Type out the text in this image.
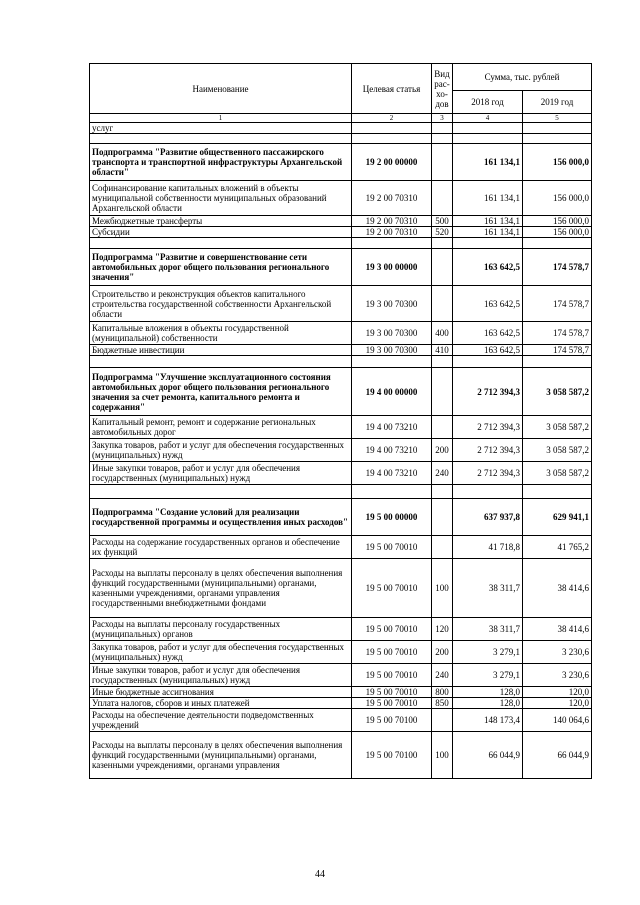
Наименование	Целевая статья	Вид рас-хо-дов	Сумма, тыс. рублей	
			2018 год	2019 год
1	2	3	4	5
услуг				

Подпрограмма "Развитие общественного пассажирского транспорта и транспортной инфраструктуры Архангельской области"	19 2 00 00000		161 134,1	156 000,0
Софинансирование капитальных вложений в объекты муниципальной собственности муниципальных образований Архангельской области	19 2 00 70310		161 134,1	156 000,0
Межбюджетные трансферты	19 2 00 70310	500	161 134,1	156 000,0
Субсидии	19 2 00 70310	520	161 134,1	156 000,0

Подпрограмма "Развитие и совершенствование сети автомобильных дорог общего пользования регионального значения"	19 3 00 00000		163 642,5	174 578,7
Строительство и реконструкция объектов капитального строительства государственной собственности Архангельской области	19 3 00 70300		163 642,5	174 578,7
Капитальные вложения в объекты государственной (муниципальной) собственности	19 3 00 70300	400	163 642,5	174 578,7
Бюджетные инвестиции	19 3 00 70300	410	163 642,5	174 578,7

Подпрограмма "Улучшение эксплуатационного состояния автомобильных дорог общего пользования регионального значения за счет ремонта, капитального ремонта и содержания"	19 4 00 00000		2 712 394,3	3 058 587,2
Капитальный ремонт, ремонт и содержание региональных автомобильных дорог	19 4 00 73210		2 712 394,3	3 058 587,2
Закупка товаров, работ и услуг для обеспечения государственных (муниципальных) нужд	19 4 00 73210	200	2 712 394,3	3 058 587,2
Иные закупки товаров, работ и услуг для обеспечения государственных (муниципальных) нужд	19 4 00 73210	240	2 712 394,3	3 058 587,2

Подпрограмма "Создание условий для реализации государственной программы и осуществления иных расходов"	19 5 00 00000		637 937,8	629 941,1
Расходы на содержание государственных органов и обеспечение их функций	19 5 00 70010		41 718,8	41 765,2
Расходы на выплаты персоналу в целях обеспечения выполнения функций государственными (муниципальными) органами, казенными учреждениями, органами управления государственными внебюджетными фондами	19 5 00 70010	100	38 311,7	38 414,6
Расходы на выплаты персоналу государственных (муниципальных) органов	19 5 00 70010	120	38 311,7	38 414,6
Закупка товаров, работ и услуг для обеспечения государственных (муниципальных) нужд	19 5 00 70010	200	3 279,1	3 230,6
Иные закупки товаров, работ и услуг для обеспечения государственных (муниципальных) нужд	19 5 00 70010	240	3 279,1	3 230,6
Иные бюджетные ассигнования	19 5 00 70010	800	128,0	120,0
Уплата налогов, сборов и иных платежей	19 5 00 70010	850	128,0	120,0
Расходы на обеспечение деятельности подведомственных учреждений	19 5 00 70100		148 173,4	140 064,6
Расходы на выплаты персоналу в целях обеспечения выполнения функций государственными (муниципальными) органами, казенными учреждениями, органами управления	19 5 00 70100	100	66 044,9	66 044,9
44
